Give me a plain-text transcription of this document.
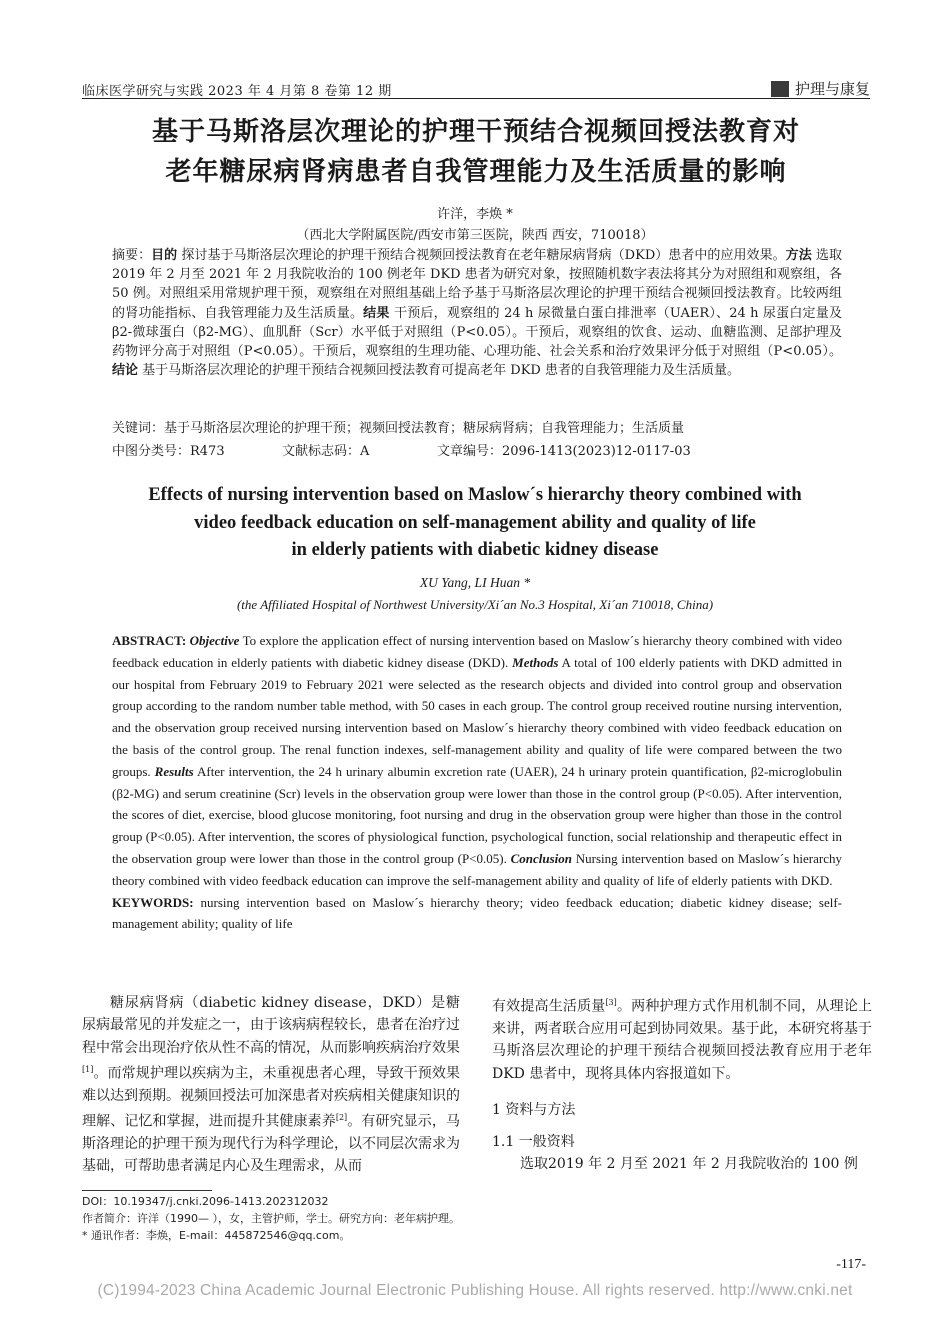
临床医学研究与实践 2023 年 4 月第 8 卷第 12 期	护理与康复
基于马斯洛层次理论的护理干预结合视频回授法教育对
老年糖尿病肾病患者自我管理能力及生活质量的影响
许洋，李焕 *
（西北大学附属医院/西安市第三医院，陕西 西安，710018）
摘要：目的 探讨基于马斯洛层次理论的护理干预结合视频回授法教育在老年糖尿病肾病（DKD）患者中的应用效果。方法 选取 2019 年 2 月至 2021 年 2 月我院收治的 100 例老年 DKD 患者为研究对象，按照随机数字表法将其分为对照组和观察组，各 50 例。对照组采用常规护理干预，观察组在对照组基础上给予基于马斯洛层次理论的护理干预结合视频回授法教育。比较两组的肾功能指标、自我管理能力及生活质量。结果 干预后，观察组的 24 h 尿微量白蛋白排泄率（UAER）、24 h 尿蛋白定量及 β2-微球蛋白（β2-MG）、血肌酐（Scr）水平低于对照组（P<0.05）。干预后，观察组的饮食、运动、血糖监测、足部护理及药物评分高于对照组（P<0.05）。干预后，观察组的生理功能、心理功能、社会关系和治疗效果评分低于对照组（P<0.05）。结论 基于马斯洛层次理论的护理干预结合视频回授法教育可提高老年 DKD 患者的自我管理能力及生活质量。
关键词：基于马斯洛层次理论的护理干预；视频回授法教育；糖尿病肾病；自我管理能力；生活质量
中图分类号：R473	文献标志码：A	文章编号：2096-1413(2023)12-0117-03
Effects of nursing intervention based on Maslow´s hierarchy theory combined with
video feedback education on self-management ability and quality of life
in elderly patients with diabetic kidney disease
XU Yang, LI Huan *
(the Affiliated Hospital of Northwest University/Xi´an No.3 Hospital, Xi´an 710018, China)
ABSTRACT: Objective To explore the application effect of nursing intervention based on Maslow´s hierarchy theory combined with video feedback education in elderly patients with diabetic kidney disease (DKD). Methods A total of 100 elderly patients with DKD admitted in our hospital from February 2019 to February 2021 were selected as the research objects and divided into control group and observation group according to the random number table method, with 50 cases in each group. The control group received routine nursing intervention, and the observation group received nursing intervention based on Maslow´s hierarchy theory combined with video feedback education on the basis of the control group. The renal function indexes, self-management ability and quality of life were compared between the two groups. Results After intervention, the 24 h urinary albumin excretion rate (UAER), 24 h urinary protein quantification, β2-microglobulin (β2-MG) and serum creatinine (Scr) levels in the observation group were lower than those in the control group (P<0.05). After intervention, the scores of diet, exercise, blood glucose monitoring, foot nursing and drug in the observation group were higher than those in the control group (P<0.05). After intervention, the scores of physiological function, psychological function, social relationship and therapeutic effect in the observation group were lower than those in the control group (P<0.05). Conclusion Nursing intervention based on Maslow´s hierarchy theory combined with video feedback education can improve the self-management ability and quality of life of elderly patients with DKD.
KEYWORDS: nursing intervention based on Maslow´s hierarchy theory; video feedback education; diabetic kidney disease; self-management ability; quality of life
糖尿病肾病（diabetic kidney disease，DKD）是糖尿病最常见的并发症之一，由于该病病程较长，患者在治疗过程中常会出现治疗依从性不高的情况，从而影响疾病治疗效果[1]。而常规护理以疾病为主，未重视患者心理，导致干预效果难以达到预期。视频回授法可加深患者对疾病相关健康知识的理解、记忆和掌握，进而提升其健康素养[2]。有研究显示，马斯洛理论的护理干预为现代行为科学理论，以不同层次需求为基础，可帮助患者满足内心及生理需求，从而
有效提高生活质量[3]。两种护理方式作用机制不同，从理论上来讲，两者联合应用可起到协同效果。基于此，本研究将基于马斯洛层次理论的护理干预结合视频回授法教育应用于老年 DKD 患者中，现将具体内容报道如下。
1 资料与方法
1.1 一般资料
选取2019 年 2 月至 2021 年 2 月我院收治的 100 例
DOI：10.19347/j.cnki.2096-1413.202312032
作者简介：许洋（1990— ），女，主管护师，学士。研究方向：老年病护理。
* 通讯作者：李焕，E-mail：445872546@qq.com。
-117-
(C)1994-2023 China Academic Journal Electronic Publishing House. All rights reserved. http://www.cnki.net
